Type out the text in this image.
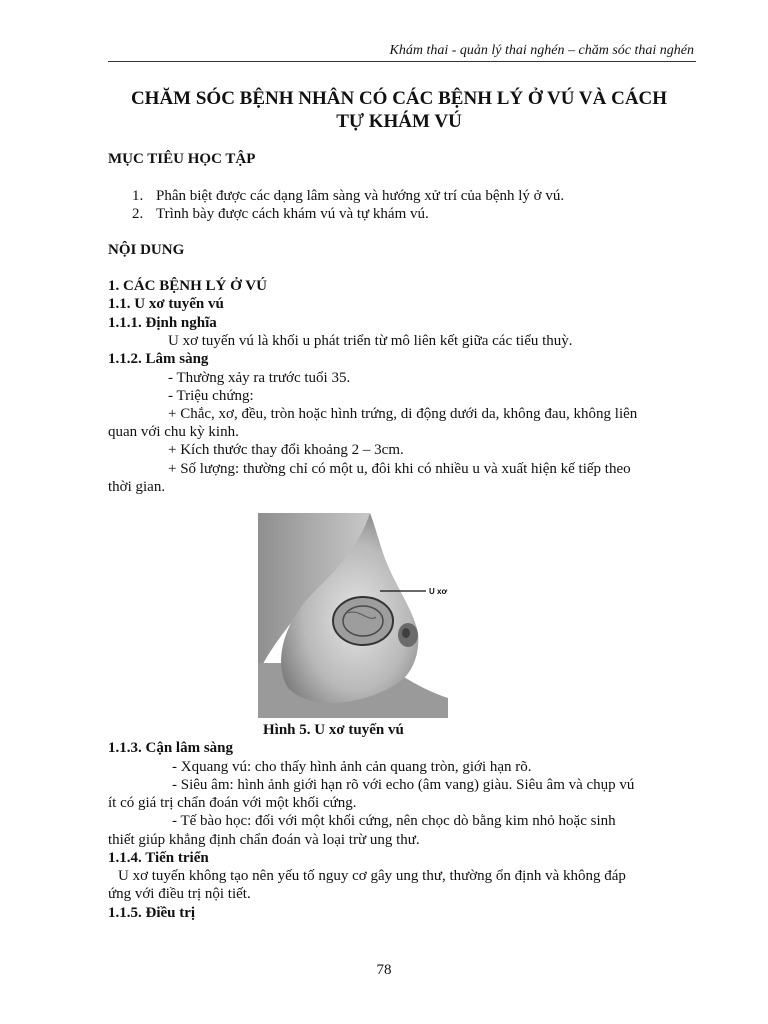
Khám thai - quản lý thai nghén – chăm sóc thai nghén
CHĂM SÓC BỆNH NHÂN CÓ CÁC BỆNH LÝ Ở VÚ VÀ CÁCH
TỰ KHÁM VÚ
MỤC TIÊU HỌC TẬP
1. Phân biệt được các dạng lâm sàng và hướng xử trí của bệnh lý ở vú.
2. Trình bày được cách khám vú và tự khám vú.
NỘI DUNG
1. CÁC BỆNH LÝ Ở VÚ
1.1. U xơ tuyến vú
1.1.1. Định nghĩa
U xơ tuyến vú là khối u phát triển từ mô liên kết giữa các tiểu thuỳ.
1.1.2. Lâm sàng
- Thường xảy ra trước tuổi 35.
- Triệu chứng:
+ Chắc, xơ, đều, tròn hoặc hình trứng, di động dưới da, không đau, không liên
quan với chu kỳ kinh.
+ Kích thước thay đổi khoảng 2 – 3cm.
+ Số lượng: thường chỉ có một u, đôi khi có nhiều u và xuất hiện kế tiếp theo
thời gian.
U xơ
Hình 5. U xơ tuyến vú
1.1.3. Cận lâm sàng
- Xquang vú: cho thấy hình ảnh cản quang tròn, giới hạn rõ.
- Siêu âm: hình ảnh giới hạn rõ với echo (âm vang) giàu. Siêu âm và chụp vú
ít có giá trị chẩn đoán với một khối cứng.
- Tế bào học: đối với một khối cứng, nên chọc dò bằng kim nhỏ hoặc sinh
thiết giúp khẳng định chẩn đoán và loại trừ ung thư.
1.1.4. Tiến triển
U xơ tuyến không tạo nên yếu tố nguy cơ gây ung thư, thường ổn định và không đáp
ứng với điều trị nội tiết.
1.1.5. Điều trị
78
